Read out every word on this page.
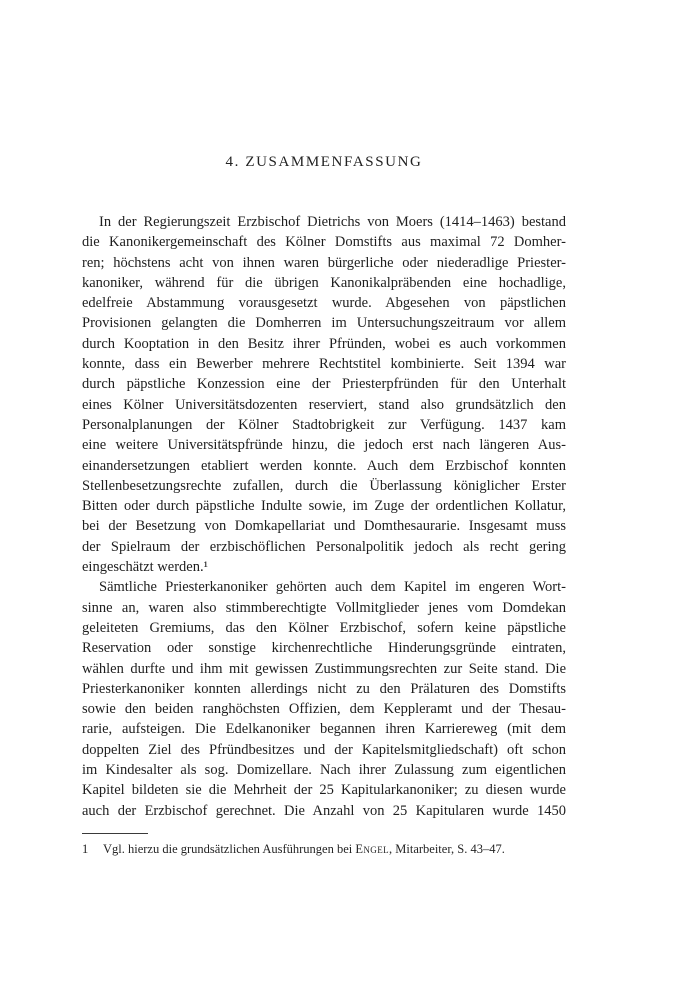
4. ZUSAMMENFASSUNG
In der Regierungszeit Erzbischof Dietrichs von Moers (1414–1463) bestand
die Kanonikergemeinschaft des Kölner Domstifts aus maximal 72 Domher-
ren; höchstens acht von ihnen waren bürgerliche oder niederadlige Priester-
kanoniker, während für die übrigen Kanonikalpräbenden eine hochadlige,
edelfreie Abstammung vorausgesetzt wurde. Abgesehen von päpstlichen
Provisionen gelangten die Domherren im Untersuchungszeitraum vor allem
durch Kooptation in den Besitz ihrer Pfründen, wobei es auch vorkommen
konnte, dass ein Bewerber mehrere Rechtstitel kombinierte. Seit 1394 war
durch päpstliche Konzession eine der Priesterpfründen für den Unterhalt
eines Kölner Universitätsdozenten reserviert, stand also grundsätzlich den
Personalplanungen der Kölner Stadtobrigkeit zur Verfügung. 1437 kam
eine weitere Universitätspfründe hinzu, die jedoch erst nach längeren Aus-
einandersetzungen etabliert werden konnte. Auch dem Erzbischof konnten
Stellenbesetzungsrechte zufallen, durch die Überlassung königlicher Erster
Bitten oder durch päpstliche Indulte sowie, im Zuge der ordentlichen Kollatur,
bei der Besetzung von Domkapellariat und Domthesaurarie. Insgesamt muss
der Spielraum der erzbischöflichen Personalpolitik jedoch als recht gering
eingeschätzt werden.¹
Sämtliche Priesterkanoniker gehörten auch dem Kapitel im engeren Wort-
sinne an, waren also stimmberechtigte Vollmitglieder jenes vom Domdekan
geleiteten Gremiums, das den Kölner Erzbischof, sofern keine päpstliche
Reservation oder sonstige kirchenrechtliche Hinderungsgründe eintraten,
wählen durfte und ihm mit gewissen Zustimmungsrechten zur Seite stand. Die
Priesterkanoniker konnten allerdings nicht zu den Prälaturen des Domstifts
sowie den beiden ranghöchsten Offizien, dem Keppleramt und der Thesau-
rarie, aufsteigen. Die Edelkanoniker begannen ihren Karriereweg (mit dem
doppelten Ziel des Pfründbesitzes und der Kapitelsmitgliedschaft) oft schon
im Kindesalter als sog. Domizellare. Nach ihrer Zulassung zum eigentlichen
Kapitel bildeten sie die Mehrheit der 25 Kapitularkanoniker; zu diesen wurde
auch der Erzbischof gerechnet. Die Anzahl von 25 Kapitularen wurde 1450
1	Vgl. hierzu die grundsätzlichen Ausführungen bei Engel, Mitarbeiter, S. 43–47.
